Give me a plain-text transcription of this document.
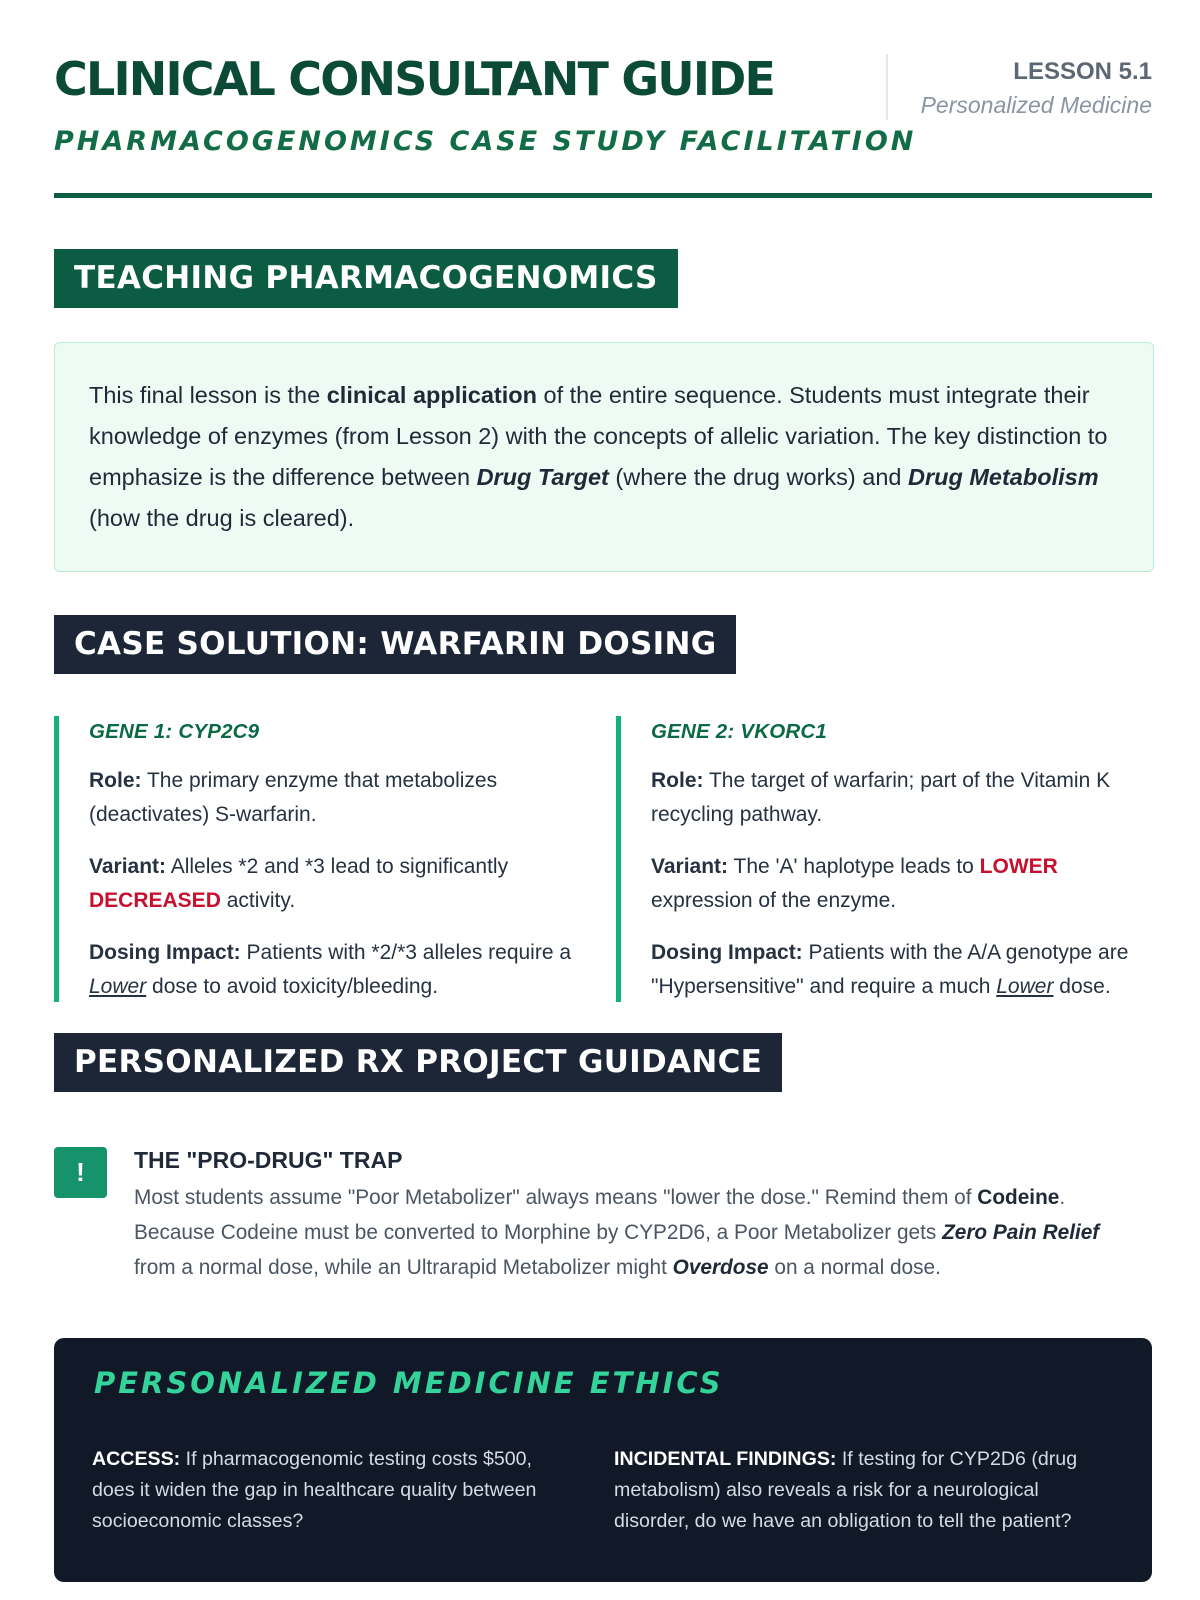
CLINICAL CONSULTANT GUIDE
PHARMACOGENOMICS CASE STUDY FACILITATION
LESSON 5.1
Personalized Medicine
TEACHING PHARMACOGENOMICS
This final lesson is the clinical application of the entire sequence. Students must integrate their knowledge of enzymes (from Lesson 2) with the concepts of allelic variation. The key distinction to emphasize is the difference between Drug Target (where the drug works) and Drug Metabolism (how the drug is cleared).
CASE SOLUTION: WARFARIN DOSING
GENE 1: CYP2C9

Role: The primary enzyme that metabolizes (deactivates) S-warfarin.

Variant: Alleles *2 and *3 lead to significantly DECREASED activity.

Dosing Impact: Patients with *2/*3 alleles require a Lower dose to avoid toxicity/bleeding.

GENE 2: VKORC1

Role: The target of warfarin; part of the Vitamin K recycling pathway.

Variant: The 'A' haplotype leads to LOWER expression of the enzyme.

Dosing Impact: Patients with the A/A genotype are "Hypersensitive" and require a much Lower dose.

PERSONALIZED RX PROJECT GUIDANCE
!	THE "PRO-DRUG" TRAP

Most students assume "Poor Metabolizer" always means "lower the dose." Remind them of Codeine. Because Codeine must be converted to Morphine by CYP2D6, a Poor Metabolizer gets Zero Pain Relief from a normal dose, while an Ultrarapid Metabolizer might Overdose on a normal dose.

PERSONALIZED MEDICINE ETHICS

ACCESS: If pharmacogenomic testing costs $500, does it widen the gap in healthcare quality between socioeconomic classes?

INCIDENTAL FINDINGS: If testing for CYP2D6 (drug metabolism) also reveals a risk for a neurological disorder, do we have an obligation to tell the patient?
